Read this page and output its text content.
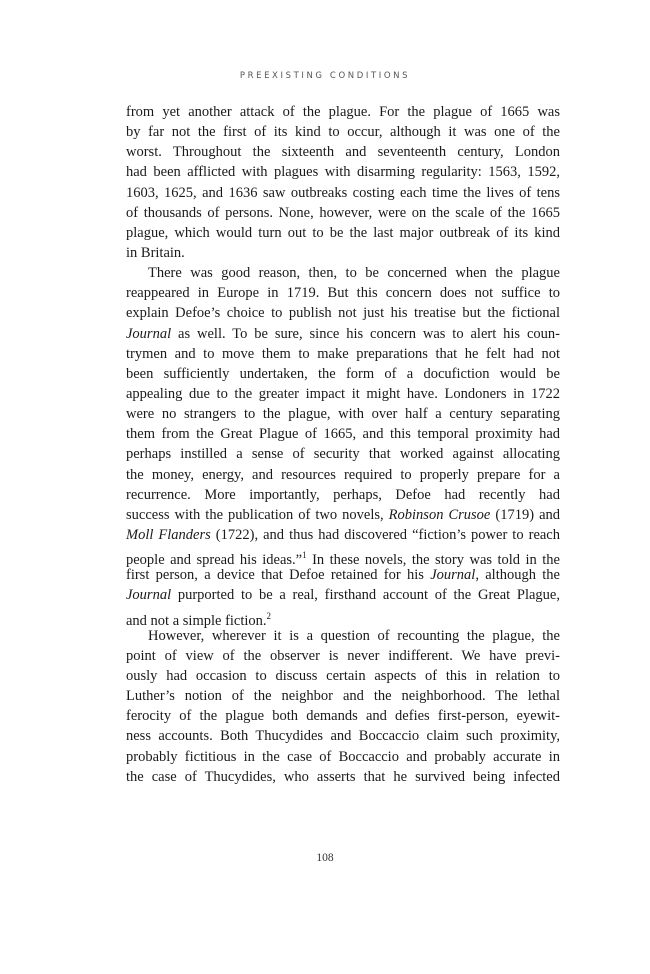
PREEXISTING CONDITIONS
from yet another attack of the plague. For the plague of 1665 was
by far not the first of its kind to occur, although it was one of the
worst. Throughout the sixteenth and seventeenth century, London
had been afflicted with plagues with disarming regularity: 1563, 1592,
1603, 1625, and 1636 saw outbreaks costing each time the lives of tens
of thousands of persons. None, however, were on the scale of the 1665
plague, which would turn out to be the last major outbreak of its kind
in Britain.
There was good reason, then, to be concerned when the plague
reappeared in Europe in 1719. But this concern does not suffice to
explain Defoe’s choice to publish not just his treatise but the fictional
Journal as well. To be sure, since his concern was to alert his coun-
trymen and to move them to make preparations that he felt had not
been sufficiently undertaken, the form of a docufiction would be
appealing due to the greater impact it might have. Londoners in 1722
were no strangers to the plague, with over half a century separating
them from the Great Plague of 1665, and this temporal proximity had
perhaps instilled a sense of security that worked against allocating
the money, energy, and resources required to properly prepare for a
recurrence. More importantly, perhaps, Defoe had recently had
success with the publication of two novels, Robinson Crusoe (1719) and
Moll Flanders (1722), and thus had discovered “fiction’s power to reach
people and spread his ideas.”$^1$ In these novels, the story was told in the
first person, a device that Defoe retained for his Journal, although the
Journal purported to be a real, firsthand account of the Great Plague,
and not a simple fiction.$^2$
However, wherever it is a question of recounting the plague, the
point of view of the observer is never indifferent. We have previ-
ously had occasion to discuss certain aspects of this in relation to
Luther’s notion of the neighbor and the neighborhood. The lethal
ferocity of the plague both demands and defies first-person, eyewit-
ness accounts. Both Thucydides and Boccaccio claim such proximity,
probably fictitious in the case of Boccaccio and probably accurate in
the case of Thucydides, who asserts that he survived being infected
108
